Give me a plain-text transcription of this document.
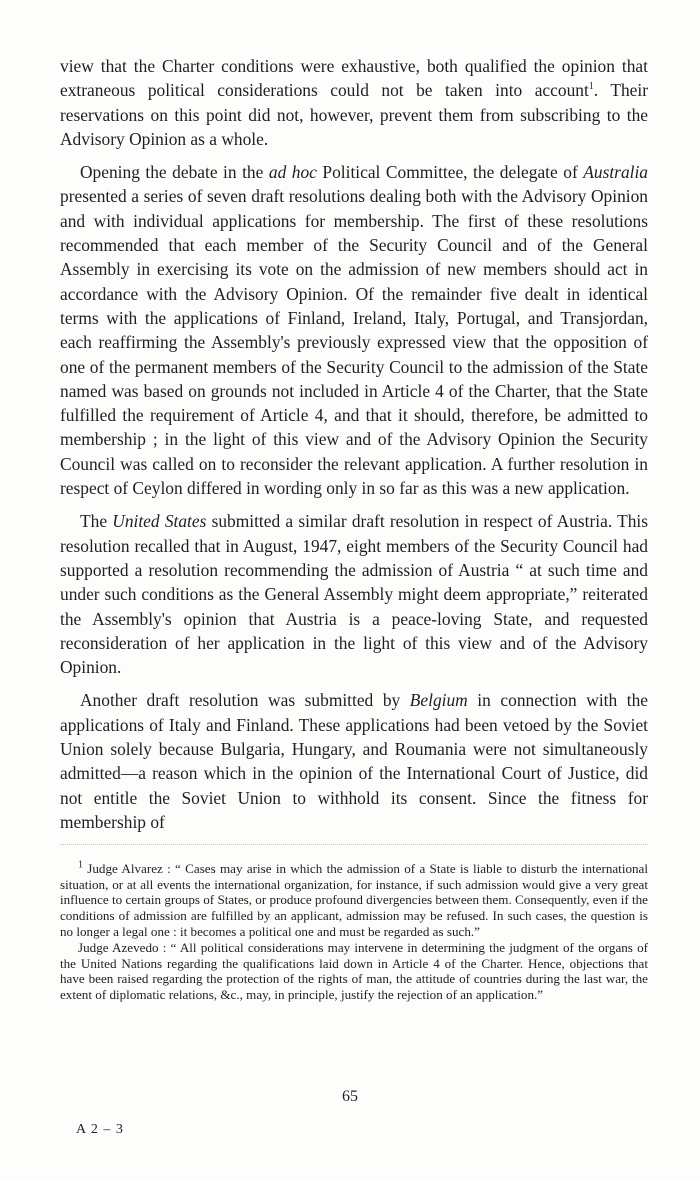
view that the Charter conditions were exhaustive, both qualified the opinion that extraneous political considerations could not be taken into account$^1$. Their reservations on this point did not, however, prevent them from subscribing to the Advisory Opinion as a whole.

Opening the debate in the ad hoc Political Committee, the delegate of Australia presented a series of seven draft resolutions dealing both with the Advisory Opinion and with individual applications for membership. The first of these resolutions recommended that each member of the Security Council and of the General Assembly in exercising its vote on the admission of new members should act in accordance with the Advisory Opinion. Of the remainder five dealt in identical terms with the applications of Finland, Ireland, Italy, Portugal, and Transjordan, each reaffirming the Assembly's previously expressed view that the opposition of one of the permanent members of the Security Council to the admission of the State named was based on grounds not included in Article 4 of the Charter, that the State fulfilled the requirement of Article 4, and that it should, therefore, be admitted to membership ; in the light of this view and of the Advisory Opinion the Security Council was called on to reconsider the relevant application. A further resolution in respect of Ceylon differed in wording only in so far as this was a new application.

The United States submitted a similar draft resolution in respect of Austria. This resolution recalled that in August, 1947, eight members of the Security Council had supported a resolution recommending the admission of Austria “ at such time and under such conditions as the General Assembly might deem appropriate,” reiterated the Assembly's opinion that Austria is a peace-loving State, and requested reconsideration of her application in the light of this view and of the Advisory Opinion.

Another draft resolution was submitted by Belgium in connection with the applications of Italy and Finland. These applications had been vetoed by the Soviet Union solely because Bulgaria, Hungary, and Roumania were not simultaneously admitted—a reason which in the opinion of the International Court of Justice, did not entitle the Soviet Union to withhold its consent. Since the fitness for membership of

$^1$ Judge Alvarez : “ Cases may arise in which the admission of a State is liable to disturb the international situation, or at all events the international organization, for instance, if such admission would give a very great influence to certain groups of States, or produce profound divergencies between them. Consequently, even if the conditions of admission are fulfilled by an applicant, admission may be refused. In such cases, the question is no longer a legal one : it becomes a political one and must be regarded as such.”

Judge Azevedo : “ All political considerations may intervene in determining the judgment of the organs of the United Nations regarding the qualifications laid down in Article 4 of the Charter. Hence, objections that have been raised regarding the protection of the rights of man, the attitude of countries during the last war, the extent of diplomatic relations, &c., may, in principle, justify the rejection of an application.”

65
A 2 – 3
